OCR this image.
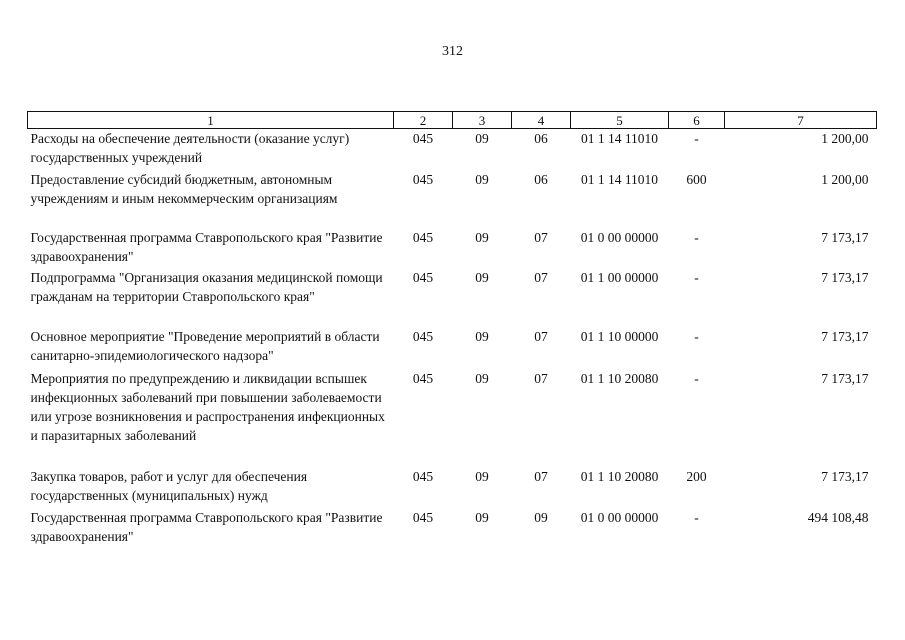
312
1	2	3	4	5	6	7
Расходы на обеспечение деятельности (оказание услуг) государственных учреждений	045	09	06	01 1 14 11010	-	1 200,00
Предоставление субсидий бюджетным, автономным учреждениям и иным некоммерческим организациям	045	09	06	01 1 14 11010	600	1 200,00
Государственная программа Ставропольского края "Развитие здравоохранения"	045	09	07	01 0 00 00000	-	7 173,17
Подпрограмма "Организация оказания медицинской помощи гражданам на территории Ставропольского края"	045	09	07	01 1 00 00000	-	7 173,17
Основное мероприятие "Проведение мероприятий в области санитарно-эпидемиологического надзора"	045	09	07	01 1 10 00000	-	7 173,17
Мероприятия по предупреждению и ликвидации вспышек инфекционных заболеваний при повышении заболеваемости или угрозе возникновения и распространения инфекционных и паразитарных заболеваний	045	09	07	01 1 10 20080	-	7 173,17
Закупка товаров, работ и услуг для обеспечения государственных (муниципальных) нужд	045	09	07	01 1 10 20080	200	7 173,17
Государственная программа Ставропольского края "Развитие здравоохранения"	045	09	09	01 0 00 00000	-	494 108,48
